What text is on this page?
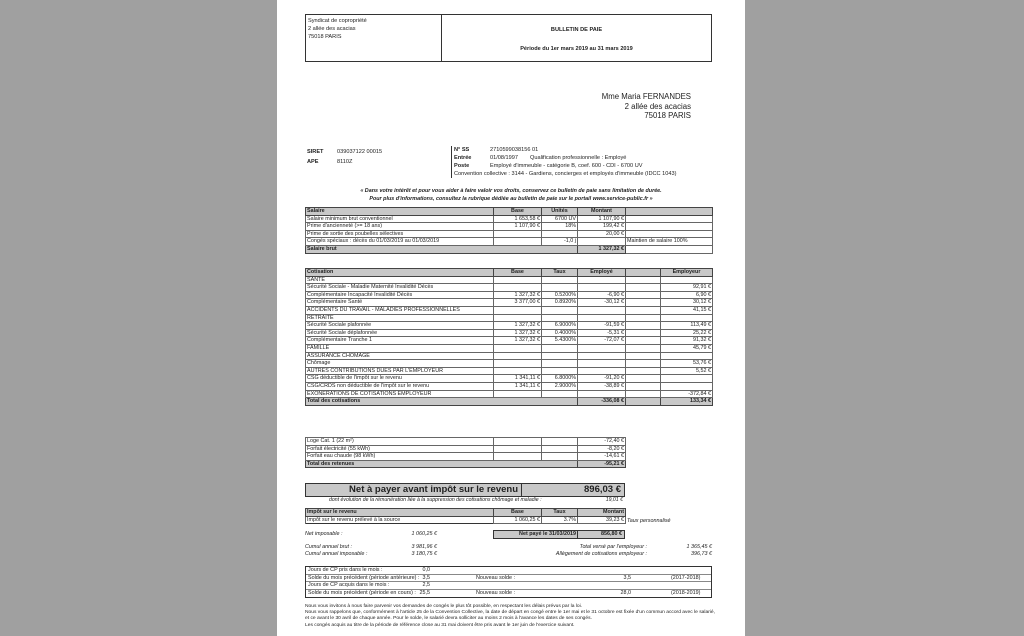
Syndicat de copropriété
2 allée des acacias
75018 PARIS
BULLETIN DE PAIE
Période du 1er mars 2019 au 31 mars 2019
Mme Maria FERNANDES
2 allée des acacias
75018 PARIS
SIRET	039037122 00015
APE	8110Z
N° SS	2710599038156 01	
Entrée	01/08/1997	Qualification professionnelle : Employé
Poste	Employé d'immeuble - catégorie B, coef. 600 - CDI - 6700 UV	
Convention collective : 3144 - Gardiens, concierges et employés d'immeuble (IDCC 1043)
« Dans votre intérêt et pour vous aider à faire valoir vos droits, conservez ce bulletin de paie sans limitation de durée.
Pour plus d'informations, consultez la rubrique dédiée au bulletin de paie sur le portail www.service-public.fr »
Salaire	Base	Unités	Montant	
Salaire minimum brut conventionnel	1 653,58 €	6700 UV	1 107,90 €	
Prime d'ancienneté (>= 18 ans)	1 107,90 €	18%	199,42 €	
Prime de sortie des poubelles sélectives			20,00 €	
Congés spéciaux : décès du 01/03/2019 au 01/03/2019		-1,0 j		Maintien de salaire 100%
Salaire brut			1 327,32 €	
Cotisation	Base	Taux	Employé		Employeur
SANTÉ					
Sécurité Sociale - Maladie Maternité Invalidité Décès					92,91 €
Complémentaire Incapacité Invalidité Décès	1 327,32 €	0.5200%	-6,90 €		6,90 €
Complémentaire Santé	3 377,00 €	0.8920%	-30,12 €		30,12 €
ACCIDENTS DU TRAVAIL - MALADIES PROFESSIONNELLES					41,15 €
RETRAITE					
Sécurité Sociale plafonnée	1 327,32 €	6.9000%	-91,59 €		113,49 €
Sécurité Sociale déplafonnée	1 327,32 €	0.4000%	-5,31 €		25,22 €
Complémentaire Tranche 1	1 327,32 €	5.4300%	-72,07 €		91,32 €
FAMILLE					45,79 €
ASSURANCE CHÔMAGE					
Chômage					53,76 €
AUTRES CONTRIBUTIONS DUES PAR L'EMPLOYEUR					5,52 €
CSG déductible de l'impôt sur le revenu	1 341,11 €	6.8000%	-91,20 €		
CSG/CRDS non déductible de l'impôt sur le revenu	1 341,11 €	2.9000%	-38,89 €		
EXONÉRATIONS DE COTISATIONS EMPLOYEUR					-372,84 €
Total des cotisations			-336,08 €		133,34 €
Loge Cat. 1 (22 m²)			-72,40 €
Forfait électricité (55 kWh)			-8,20 €
Forfait eau chaude (98 kWh)			-14,61 €
Total des retenues			-95,21 €
Net à payer avant impôt sur le revenu	896,03 €
dont évolution de la rémunération liée à la suppression des cotisations chômage et maladie :	19,01 €
Impôt sur le revenu	Base	Taux	Montant
Impôt sur le revenu prélevé à la source	1 060,25 €	3.7%	39,23 € Taux personnalisé
Net imposable :	1 060,25 €	Net payé le 31/03/2019	856,80 €
Cumul annuel brut :	3 981,96 €
Cumul annuel imposable :	3 180,75 €
Total versé par l'employeur :	1 365,45 €
Allègement de cotisations employeur :	396,73 €
Jours de CP pris dans le mois :	0,0
Solde du mois précédent (période antérieure) : 3,5	Nouveau solde :	3,5	(2017-2018)
Jours de CP acquis dans le mois :	2,5
Solde du mois précédent (période en cours) : 25,5	Nouveau solde :	28,0	(2018-2019)
Nous vous invitons à nous faire parvenir vos demandes de congés le plus tôt possible, en respectant les délais prévus par la loi.
Nous vous rappelons que, conformément à l'article 25 de la Convention Collective, la date de départ en congé entre le 1er mai et le 31 octobre est fixée d'un commun accord avec le salarié, et ce avant le 30 avril de chaque année. Pour le solde, le salarié devra solliciter au moins 2 mois à l'avance les dates de ses congés.
Les congés acquis au titre de la période de référence close au 31 mai doivent être pris avant le 1er juin de l'exercice suivant.
